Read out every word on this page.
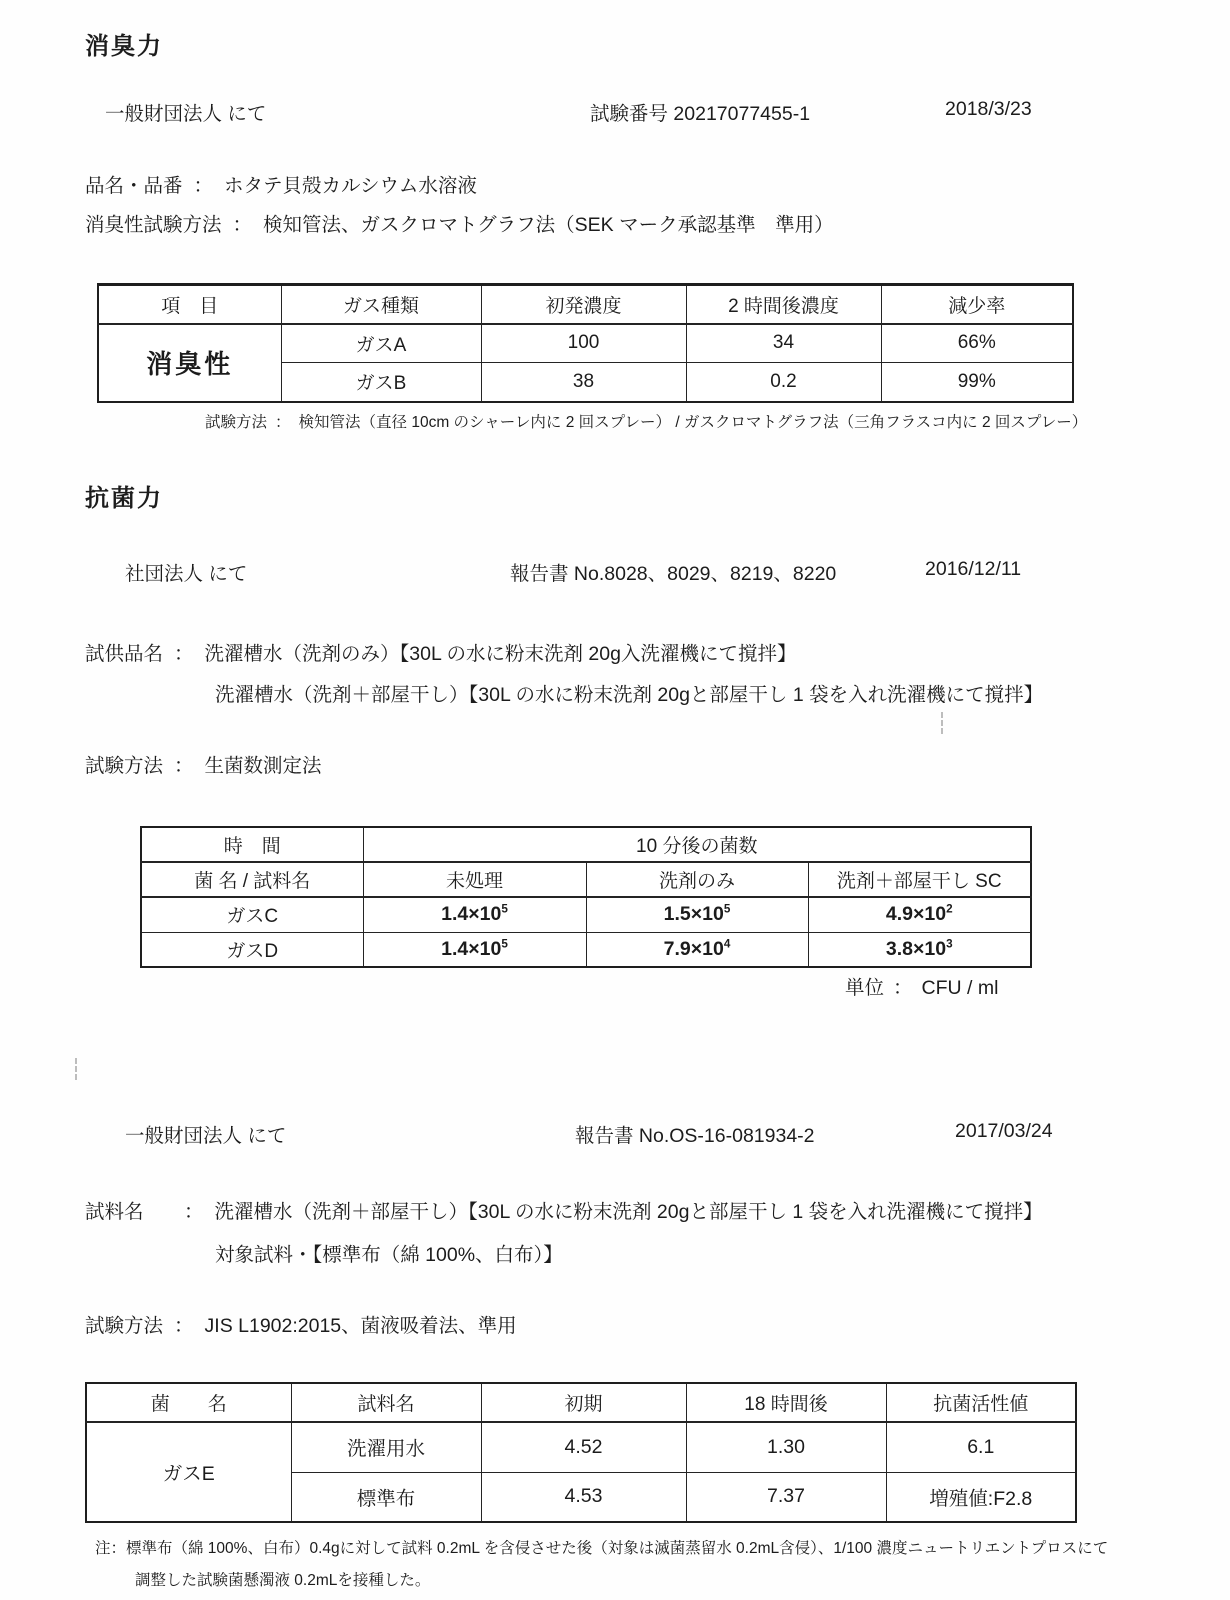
消臭力
一般財団法人 にて	試験番号 20217077455-1	2018/3/23
品名・品番 ： ホタテ貝殻カルシウム水溶液
消臭性試験方法 ： 検知管法、ガスクロマトグラフ法（SEK マーク承認基準　準用）
項　目	ガス種類	初発濃度	2 時間後濃度	減少率
消臭性	ガスA	100	34	66%
	ガスB	38	0.2	99%
試験方法 ： 検知管法（直径 10cm のシャーレ内に 2 回スプレー） / ガスクロマトグラフ法（三角フラスコ内に 2 回スプレー）
抗菌力
社団法人 にて	報告書 No.8028、8029、8219、8220	2016/12/11
試供品名 ： 洗濯槽水（洗剤のみ）【30L の水に粉末洗剤 20g入洗濯機にて撹拌】
洗濯槽水（洗剤＋部屋干し）【30L の水に粉末洗剤 20gと部屋干し 1 袋を入れ洗濯機にて撹拌】
試験方法 ： 生菌数測定法
時　間	10 分後の菌数		
菌 名 / 試料名	未処理	洗剤のみ	洗剤＋部屋干し SC
ガスC	$1.4\times 10^5$	$1.5\times 10^5$	$4.9\times 10^2$
ガスD	$1.4\times 10^5$	$7.9\times 10^4$	$3.8\times 10^3$
単位 ： CFU / ml
一般財団法人 にて	報告書 No.OS-16-081934-2	2017/03/24
試料名 ： 洗濯槽水（洗剤＋部屋干し）【30L の水に粉末洗剤 20gと部屋干し 1 袋を入れ洗濯機にて撹拌】
対象試料・【標準布（綿 100%、白布）】
試験方法 ： JIS L1902:2015、菌液吸着法、準用
菌　　名	試料名	初期	18 時間後	抗菌活性値
ガスE	洗濯用水	4.52	1.30	6.1
	標準布	4.53	7.37	増殖値:F2.8
注：標準布（綿 100%、白布）0.4gに対して試料 0.2mL を含侵させた後（対象は滅菌蒸留水 0.2mL含侵）、1/100 濃度ニュートリエントプロスにて
調整した試験菌懸濁液 0.2mLを接種した。
